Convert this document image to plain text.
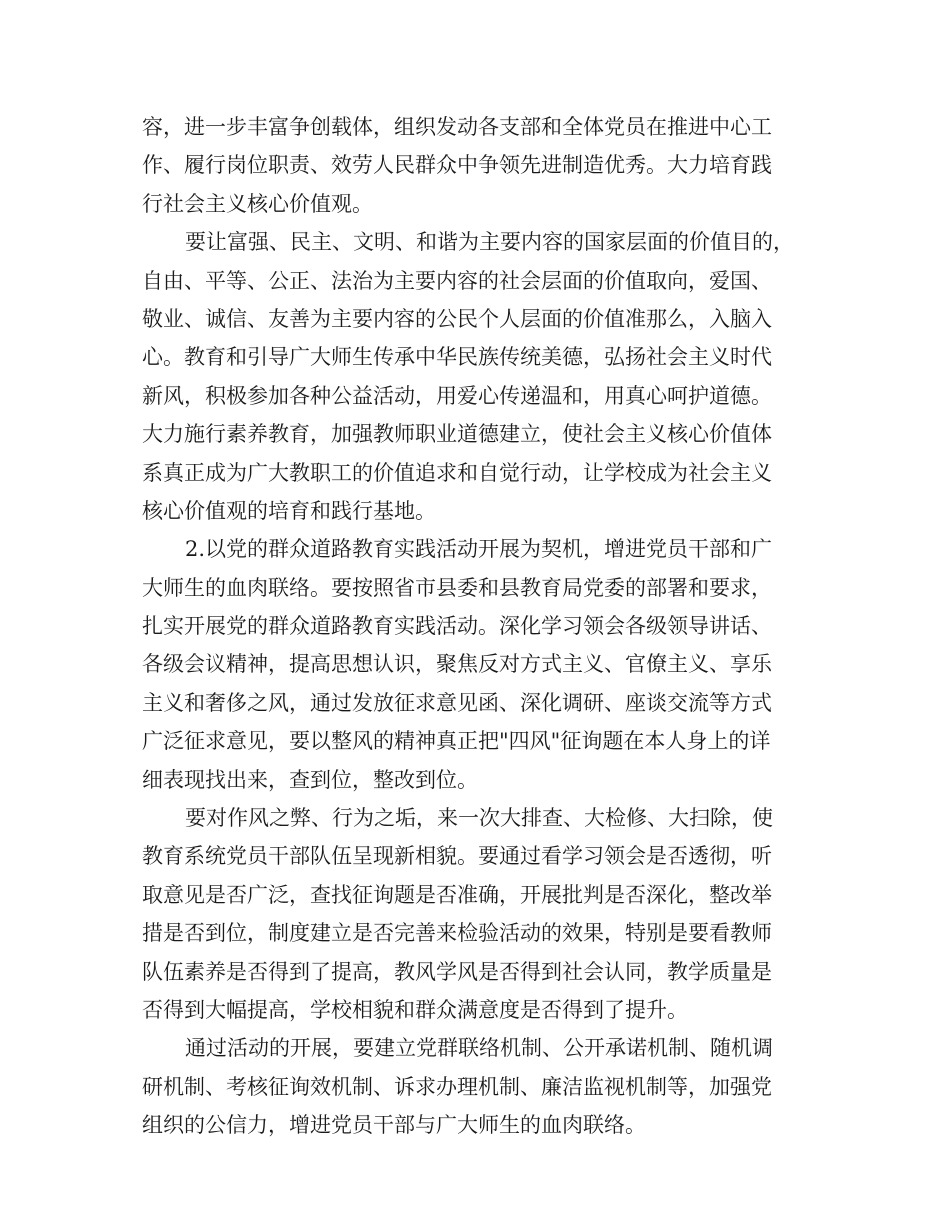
容，进一步丰富争创载体，组织发动各支部和全体党员在推进中心工
作、履行岗位职责、效劳人民群众中争领先进制造优秀。大力培育践
行社会主义核心价值观。
要让富强、民主、文明、和谐为主要内容的国家层面的价值目的，
自由、平等、公正、法治为主要内容的社会层面的价值取向，爱国、
敬业、诚信、友善为主要内容的公民个人层面的价值准那么，入脑入
心。教育和引导广大师生传承中华民族传统美德，弘扬社会主义时代
新风，积极参加各种公益活动，用爱心传递温和，用真心呵护道德。
大力施行素养教育，加强教师职业道德建立，使社会主义核心价值体
系真正成为广大教职工的价值追求和自觉行动，让学校成为社会主义
核心价值观的培育和践行基地。
2.以党的群众道路教育实践活动开展为契机，增进党员干部和广
大师生的血肉联络。要按照省市县委和县教育局党委的部署和要求，
扎实开展党的群众道路教育实践活动。深化学习领会各级领导讲话、
各级会议精神，提高思想认识，聚焦反对方式主义、官僚主义、享乐
主义和奢侈之风，通过发放征求意见函、深化调研、座谈交流等方式
广泛征求意见，要以整风的精神真正把"四风"征询题在本人身上的详
细表现找出来，查到位，整改到位。
要对作风之弊、行为之垢，来一次大排查、大检修、大扫除，使
教育系统党员干部队伍呈现新相貌。要通过看学习领会是否透彻，听
取意见是否广泛，查找征询题是否准确，开展批判是否深化，整改举
措是否到位，制度建立是否完善来检验活动的效果，特别是要看教师
队伍素养是否得到了提高，教风学风是否得到社会认同，教学质量是
否得到大幅提高，学校相貌和群众满意度是否得到了提升。
通过活动的开展，要建立党群联络机制、公开承诺机制、随机调
研机制、考核征询效机制、诉求办理机制、廉洁监视机制等，加强党
组织的公信力，增进党员干部与广大师生的血肉联络。
